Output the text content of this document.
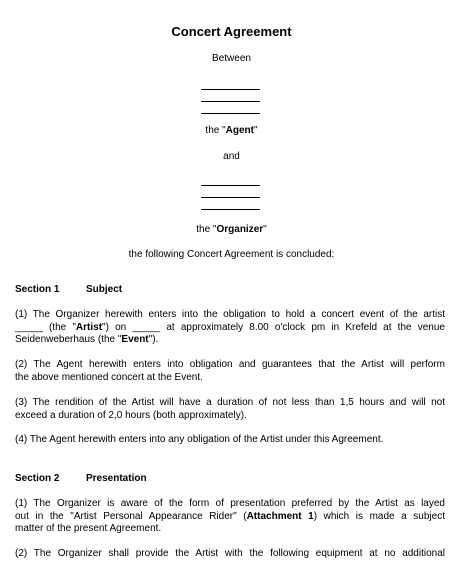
Concert Agreement
Between
the "Agent"
and
the "Organizer"
the following Concert Agreement is concluded:
Section 1	Subject
(1) The Organizer herewith enters into the obligation to hold a concert event of the artist
_____ (the "Artist") on _____ at approximately 8.00 o'clock pm in Krefeld at the venue
Seidenweberhaus (the "Event").
(2) The Agent herewith enters into obligation and guarantees that the Artist will perform
the above mentioned concert at the Event.
(3) The rendition of the Artist will have a duration of not less than 1,5 hours and will not
exceed a duration of 2,0 hours (both approximately).
(4) The Agent herewith enters into any obligation of the Artist under this Agreement.
Section 2	Presentation
(1) The Organizer is aware of the form of presentation preferred by the Artist as layed
out in the "Artist Personal Appearance Rider" (Attachment 1) which is made a subject
matter of the present Agreement.
(2) The Organizer shall provide the Artist with the following equipment at no additional
